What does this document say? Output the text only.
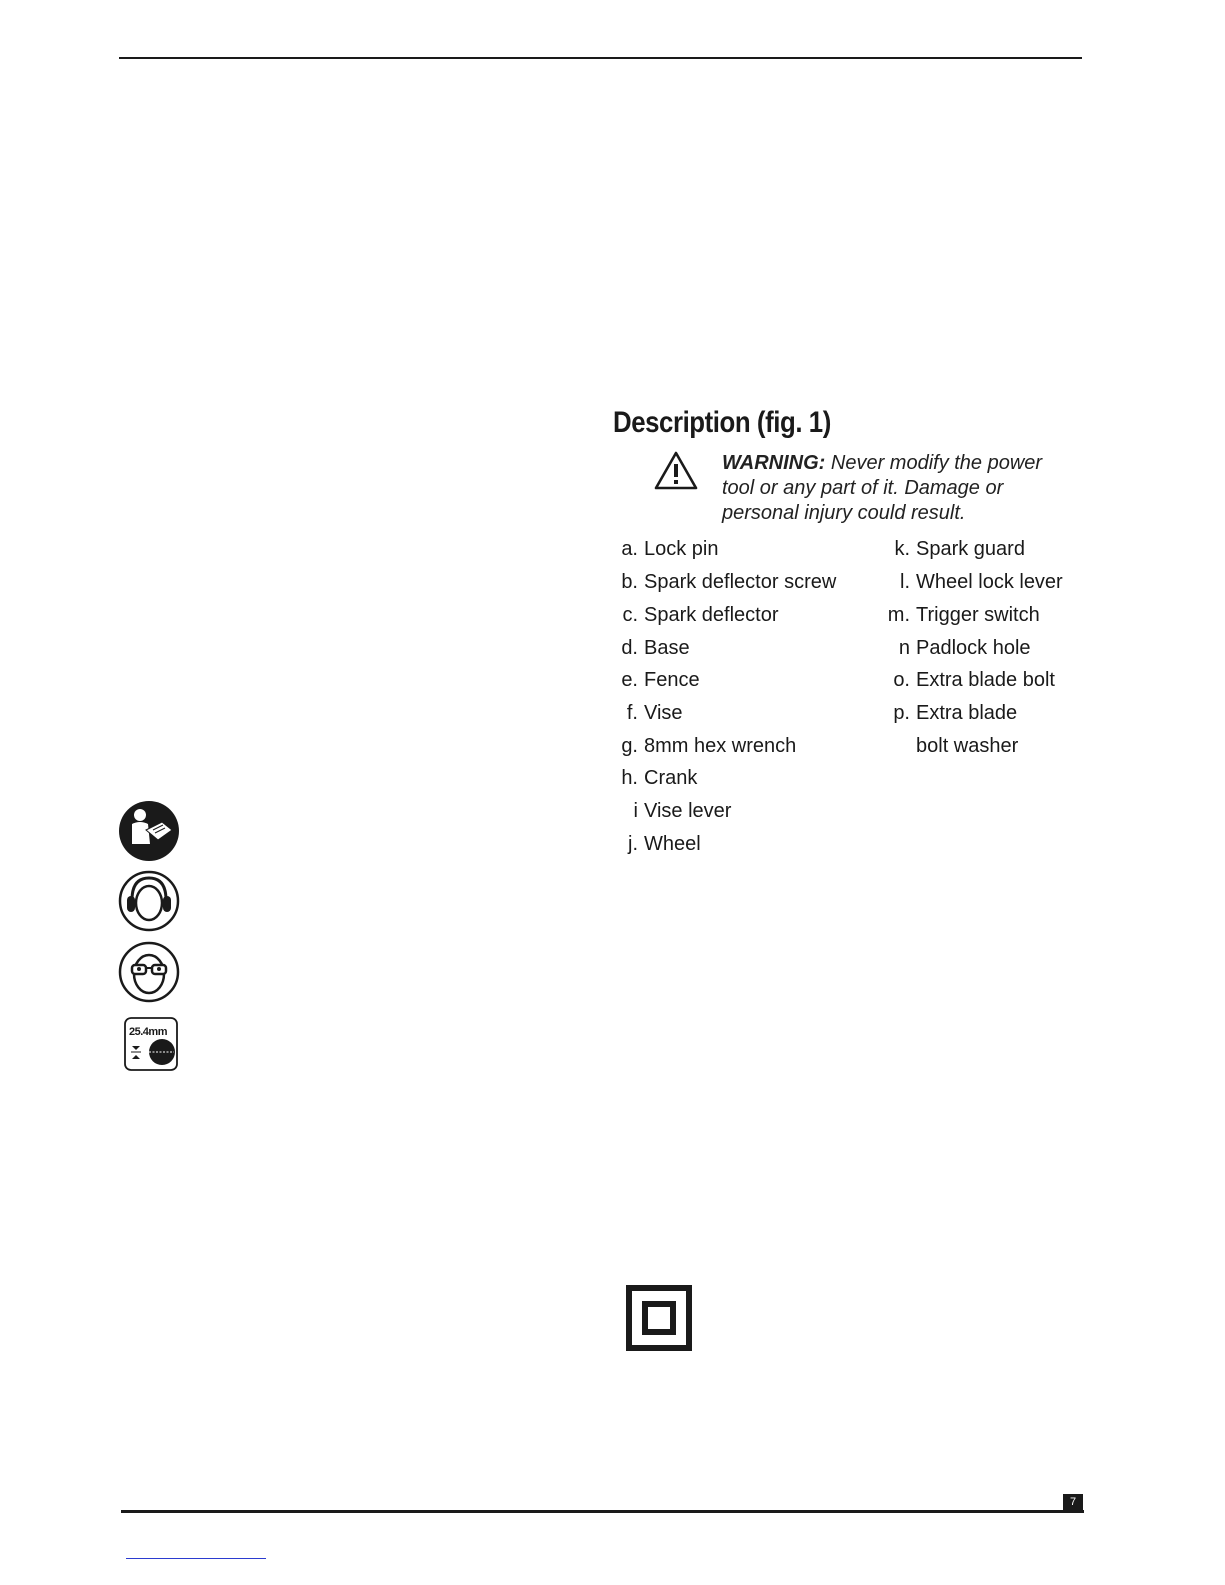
Description (fig. 1)
WARNING: Never modify the power tool or any part of it. Damage or personal injury could result.
a. Lock pin
b. Spark deflector screw
c. Spark deflector
d. Base
e. Fence
f. Vise
g. 8mm hex wrench
h. Crank
i Vise lever
j. Wheel
k. Spark guard
l. Wheel lock lever
m. Trigger switch
n Padlock hole
o. Extra blade bolt
p. Extra blade
bolt washer
25.4mm
7
